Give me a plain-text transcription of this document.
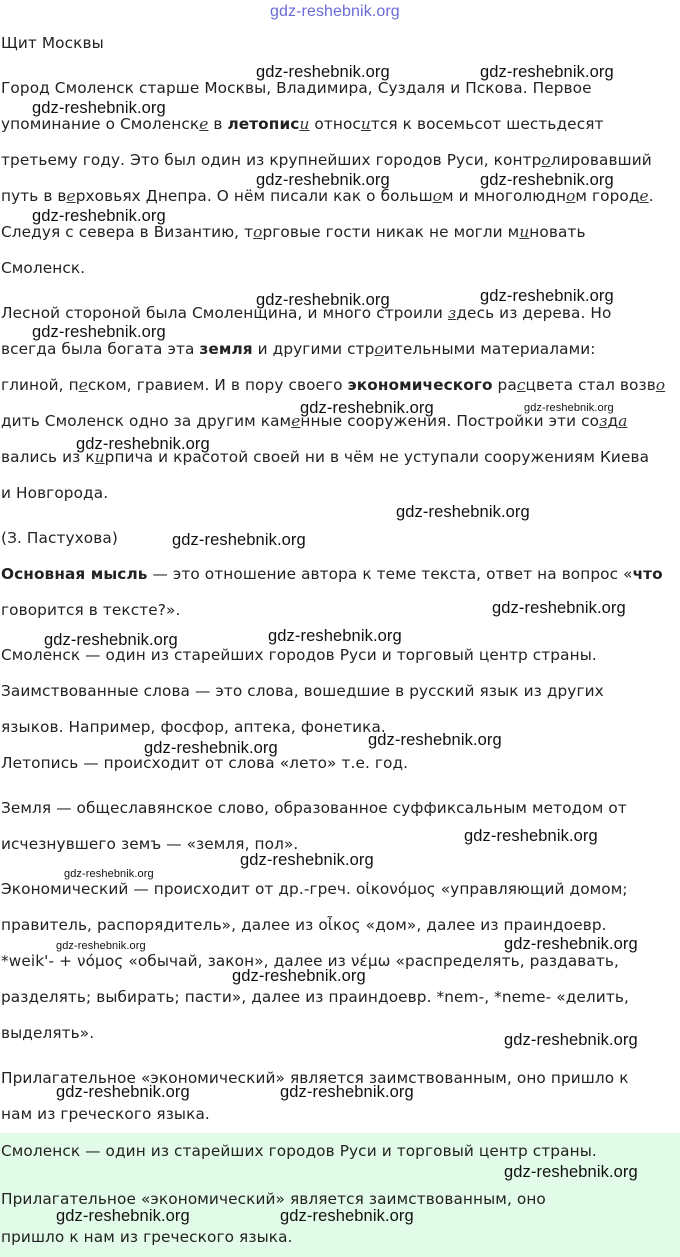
Щит Москвы
Город Смоленск старше Москвы, Владимира, Суздаля и Пскова. Первое
упоминание о Смоленске в летописи относится к восемьсот шестьдесят
третьему году. Это был один из крупнейших городов Руси, контролировавший
путь в верховьях Днепра. О нём писали как о большом и многолюдном городе.
Следуя с севера в Византию, торговые гости никак не могли миновать
Смоленск.
Лесной стороной была Смоленщина, и много строили здесь из дерева. Но
всегда была богата эта земля и другими строительными материалами:
глиной, песком, гравием. И в пору своего экономического расцвета стал возво
дить Смоленск одно за другим каменные сооружения. Постройки эти созда
вались из кирпича и красотой своей ни в чём не уступали сооружениям Киева
и Новгорода.
(З. Пастухова)
Основная мысль — это отношение автора к теме текста, ответ на вопрос «что
говорится в тексте?».
Смоленск — один из старейших городов Руси и торговый центр страны.
Заимствованные слова — это слова, вошедшие в русский язык из других
языков. Например, фосфор, аптека, фонетика.
Летопись — происходит от слова «лето» т.е. год.
Земля — общеславянское слово, образованное суффиксальным методом от
исчезнувшего земъ — «земля, пол».
Экономический — происходит от др.-греч. οἰκονόμος «управляющий домом;
правитель, распорядитель», далее из οἶκος «дом», далее из праиндоевр.
*weik'- + νόμος «обычай, закон», далее из νέμω «распределять, раздавать,
разделять; выбирать; пасти», далее из праиндоевр. *nem-, *neme- «делить,
выделять».
Прилагательное «экономический» является заимствованным, оно пришло к
нам из греческого языка.
Смоленск — один из старейших городов Руси и торговый центр страны.
Прилагательное «экономический» является заимствованным, оно
пришло к нам из греческого языка.
gdz-reshebnik.org
gdz-reshebnik.org	gdz-reshebnik.org
gdz-reshebnik.org
gdz-reshebnik.org	gdz-reshebnik.org
gdz-reshebnik.org
gdz-reshebnik.org	gdz-reshebnik.org
gdz-reshebnik.org
gdz-reshebnik.org	gdz-reshebnik.org
gdz-reshebnik.org
gdz-reshebnik.org
gdz-reshebnik.org
gdz-reshebnik.org
gdz-reshebnik.org	gdz-reshebnik.org
gdz-reshebnik.org
gdz-reshebnik.org
gdz-reshebnik.org
gdz-reshebnik.org
gdz-reshebnik.org
gdz-reshebnik.org	gdz-reshebnik.org
gdz-reshebnik.org
gdz-reshebnik.org
gdz-reshebnik.org	gdz-reshebnik.org
gdz-reshebnik.org
gdz-reshebnik.org	gdz-reshebnik.org
